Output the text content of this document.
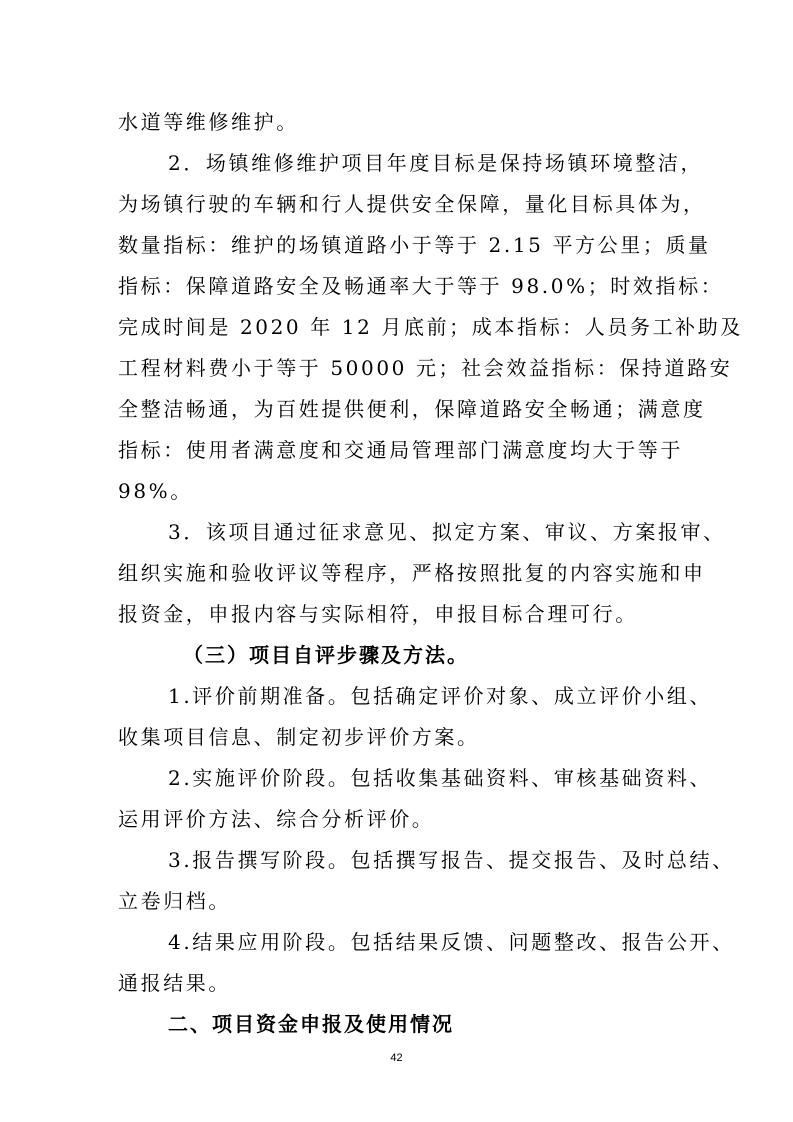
水道等维修维护。
2．场镇维修维护项目年度目标是保持场镇环境整洁，
为场镇行驶的车辆和行人提供安全保障，量化目标具体为，
数量指标：维护的场镇道路小于等于 2.15 平方公里；质量
指标：保障道路安全及畅通率大于等于 98.0%；时效指标：
完成时间是 2020 年 12 月底前；成本指标：人员务工补助及
工程材料费小于等于 50000 元；社会效益指标：保持道路安
全整洁畅通，为百姓提供便利，保障道路安全畅通；满意度
指标：使用者满意度和交通局管理部门满意度均大于等于
98%。
3．该项目通过征求意见、拟定方案、审议、方案报审、
组织实施和验收评议等程序，严格按照批复的内容实施和申
报资金，申报内容与实际相符，申报目标合理可行。
（三）项目自评步骤及方法。
1.评价前期准备。包括确定评价对象、成立评价小组、
收集项目信息、制定初步评价方案。
2.实施评价阶段。包括收集基础资料、审核基础资料、
运用评价方法、综合分析评价。
3.报告撰写阶段。包括撰写报告、提交报告、及时总结、
立卷归档。
4.结果应用阶段。包括结果反馈、问题整改、报告公开、
通报结果。
二、项目资金申报及使用情况
42
